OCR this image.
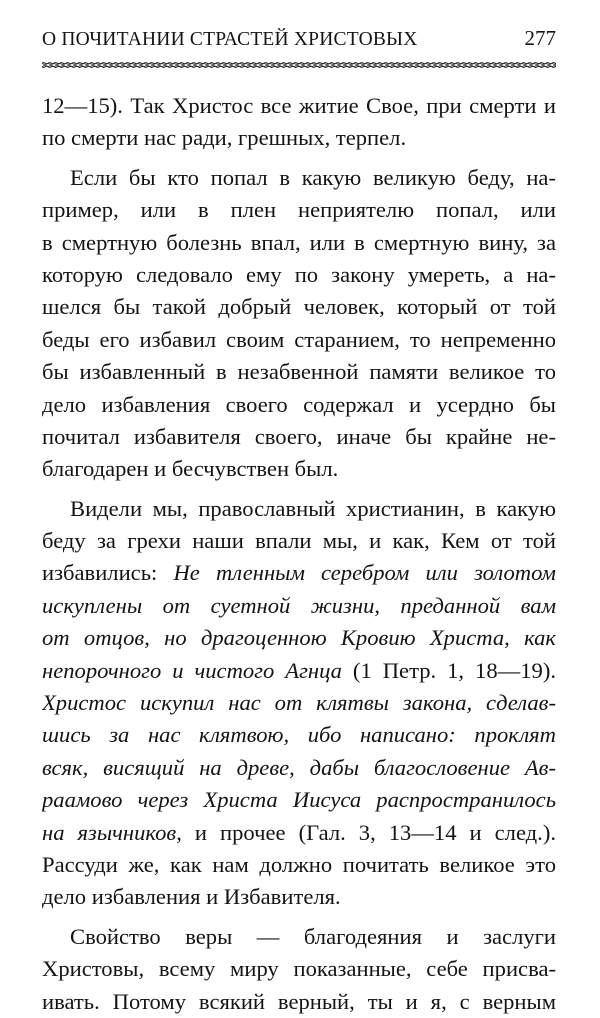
О ПОЧИТАНИИ СТРАСТЕЙ ХРИСТОВЫХ	277
12—15). Так Христос все житие Свое, при смерти и
по смерти нас ради, грешных, терпел.
Если бы кто попал в какую великую беду, на-
пример, или в плен неприятелю попал, или
в смертную болезнь впал, или в смертную вину, за
которую следовало ему по закону умереть, а на-
шелся бы такой добрый человек, который от той
беды его избавил своим старанием, то непременно
бы избавленный в незабвенной памяти великое то
дело избавления своего содержал и усердно бы
почитал избавителя своего, иначе бы крайне не-
благодарен и бесчувствен был.
Видели мы, православный христианин, в какую
беду за грехи наши впали мы, и как, Кем от той
избавились: Не тленным серебром или золотом
искуплены от суетной жизни, преданной вам
от отцов, но драгоценною Кровию Христа, как
непорочного и чистого Агнца (1 Петр. 1, 18—19).
Христос искупил нас от клятвы закона, сделав-
шись за нас клятвою, ибо написано: проклят
всяк, висящий на древе, дабы благословение Ав-
раамово через Христа Иисуса распространилось
на язычников, и прочее (Гал. 3, 13—14 и след.).
Рассуди же, как нам должно почитать великое это
дело избавления и Избавителя.
Свойство веры — благодеяния и заслуги
Христовы, всему миру показанные, себе присва-
ивать. Потому всякий верный, ты и я, с верным
